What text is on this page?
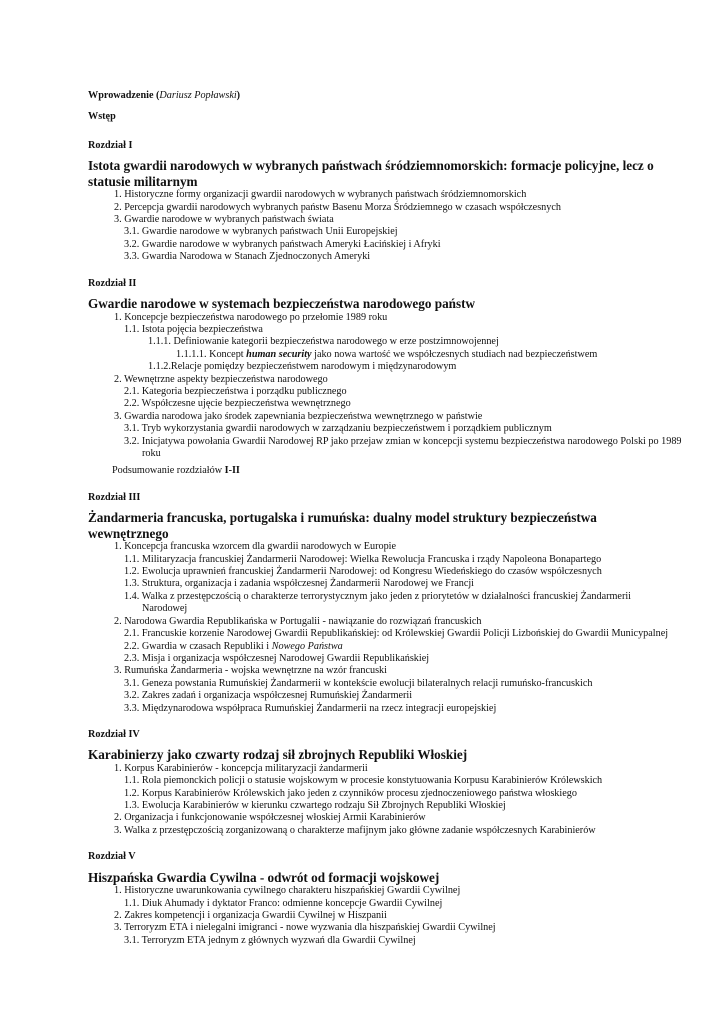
Wprowadzenie (Dariusz Popławski)
Wstęp
Rozdział I
Istota gwardii narodowych w wybranych państwach śródziemnomorskich: formacje policyjne, lecz o statusie militarnym
1. Historyczne formy organizacji gwardii narodowych w wybranych państwach śródziemnomorskich
2. Percepcja gwardii narodowych wybranych państw Basenu Morza Śródziemnego w czasach współczesnych
3. Gwardie narodowe w wybranych państwach świata
3.1. Gwardie narodowe w wybranych państwach Unii Europejskiej
3.2. Gwardie narodowe w wybranych państwach Ameryki Łacińskiej i Afryki
3.3. Gwardia Narodowa w Stanach Zjednoczonych Ameryki
Rozdział II
Gwardie narodowe w systemach bezpieczeństwa narodowego państw
1. Koncepcje bezpieczeństwa narodowego po przełomie 1989 roku
1.1. Istota pojęcia bezpieczeństwa
1.1.1. Definiowanie kategorii bezpieczeństwa narodowego w erze postzimnowojennej
1.1.1.1. Koncept human security jako nowa wartość we współczesnych studiach nad bezpieczeństwem
1.1.2.Relacje pomiędzy bezpieczeństwem narodowym i międzynarodowym
2. Wewnętrzne aspekty bezpieczeństwa narodowego
2.1. Kategoria bezpieczeństwa i porządku publicznego
2.2. Współczesne ujęcie bezpieczeństwa wewnętrznego
3. Gwardia narodowa jako środek zapewniania bezpieczeństwa wewnętrznego w państwie
3.1. Tryb wykorzystania gwardii narodowych w zarządzaniu bezpieczeństwem i porządkiem publicznym
3.2. Inicjatywa powołania Gwardii Narodowej RP jako przejaw zmian w koncepcji systemu bezpieczeństwa narodowego Polski po 1989 roku
Podsumowanie rozdziałów I-II
Rozdział III
Żandarmeria francuska, portugalska i rumuńska: dualny model struktury bezpieczeństwa wewnętrznego
1. Koncepcja francuska wzorcem dla gwardii narodowych w Europie
1.1. Militaryzacja francuskiej Żandarmerii Narodowej: Wielka Rewolucja Francuska i rządy Napoleona Bonapartego
1.2. Ewolucja uprawnień francuskiej Żandarmerii Narodowej: od Kongresu Wiedeńskiego do czasów współczesnych
1.3. Struktura, organizacja i zadania współczesnej Żandarmerii Narodowej we Francji
1.4. Walka z przestępczością o charakterze terrorystycznym jako jeden z priorytetów w działalności francuskiej Żandarmerii Narodowej
2. Narodowa Gwardia Republikańska w Portugalii - nawiązanie do rozwiązań francuskich
2.1. Francuskie korzenie Narodowej Gwardii Republikańskiej: od Królewskiej Gwardii Policji Lizbońskiej do Gwardii Municypalnej
2.2. Gwardia w czasach Republiki i Nowego Państwa
2.3. Misja i organizacja współczesnej Narodowej Gwardii Republikańskiej
3. Rumuńska Żandarmeria - wojska wewnętrzne na wzór francuski
3.1. Geneza powstania Rumuńskiej Żandarmerii w kontekście ewolucji bilateralnych relacji rumuńsko-francuskich
3.2. Zakres zadań i organizacja współczesnej Rumuńskiej Żandarmerii
3.3. Międzynarodowa współpraca Rumuńskiej Żandarmerii na rzecz integracji europejskiej
Rozdział IV
Karabinierzy jako czwarty rodzaj sił zbrojnych Republiki Włoskiej
1. Korpus Karabinierów - koncepcja militaryzacji żandarmerii
1.1. Rola piemonckich policji o statusie wojskowym w procesie konstytuowania Korpusu Karabinierów Królewskich
1.2. Korpus Karabinierów Królewskich jako jeden z czynników procesu zjednoczeniowego państwa włoskiego
1.3. Ewolucja Karabinierów w kierunku czwartego rodzaju Sił Zbrojnych Republiki Włoskiej
2. Organizacja i funkcjonowanie współczesnej włoskiej Armii Karabinierów
3. Walka z przestępczością zorganizowaną o charakterze mafijnym jako główne zadanie współczesnych Karabinierów
Rozdział V
Hiszpańska Gwardia Cywilna - odwrót od formacji wojskowej
1. Historyczne uwarunkowania cywilnego charakteru hiszpańskiej Gwardii Cywilnej
1.1. Diuk Ahumady i dyktator Franco: odmienne koncepcje Gwardii Cywilnej
2. Zakres kompetencji i organizacja Gwardii Cywilnej w Hiszpanii
3. Terroryzm ETA i nielegalni imigranci - nowe wyzwania dla hiszpańskiej Gwardii Cywilnej
3.1. Terroryzm ETA jednym z głównych wyzwań dla Gwardii Cywilnej
